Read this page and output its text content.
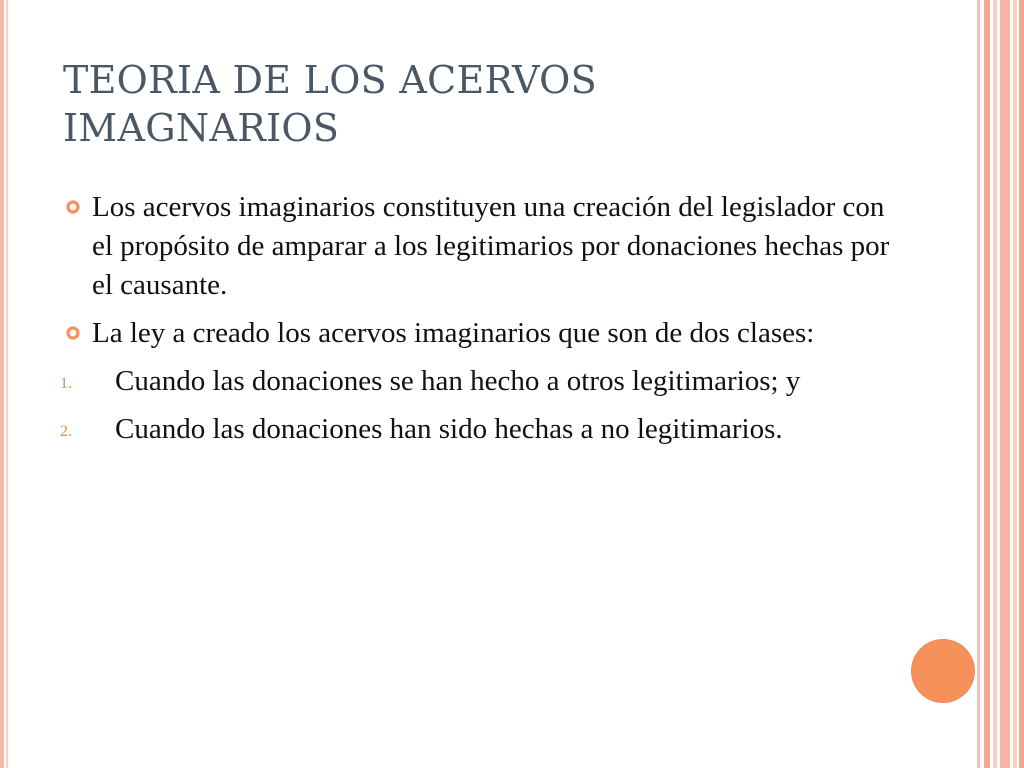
TEORIA DE LOS ACERVOS IMAGNARIOS
Los acervos imaginarios constituyen una creación del legislador con el propósito de amparar a los legitimarios por donaciones hechas por el causante.
La ley a creado los acervos imaginarios que son de dos clases:
1. Cuando las donaciones se han hecho a otros legitimarios; y
2. Cuando las donaciones han sido hechas a no legitimarios.
